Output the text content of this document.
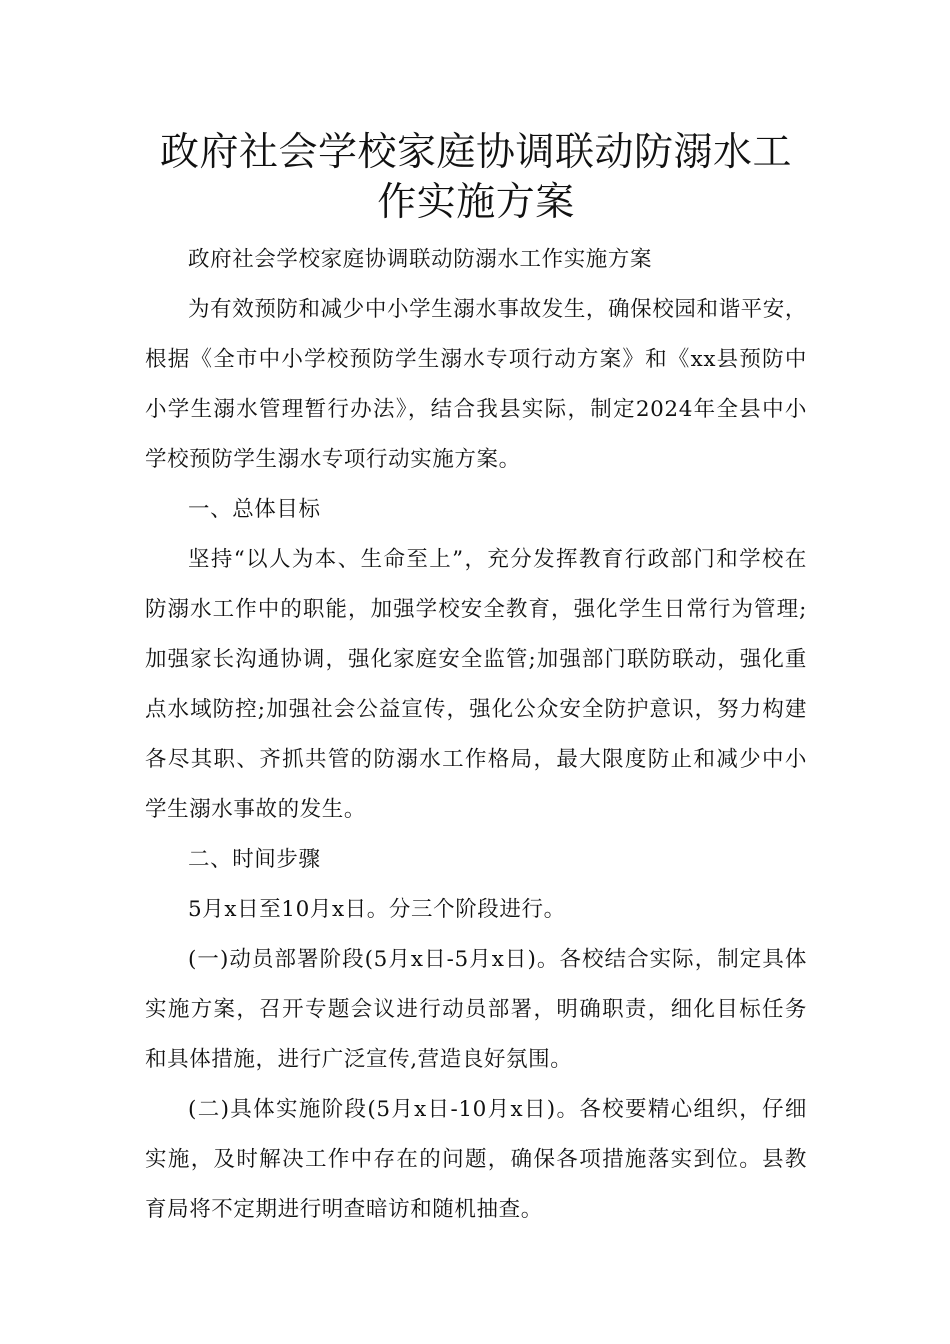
政府社会学校家庭协调联动防溺水工作实施方案

政府社会学校家庭协调联动防溺水工作实施方案

为有效预防和减少中小学生溺水事故发生，确保校园和谐平安，根据《全市中小学校预防学生溺水专项行动方案》和《xx县预防中小学生溺水管理暂行办法》，结合我县实际，制定2024年全县中小学校预防学生溺水专项行动实施方案。

一、总体目标

坚持“以人为本、生命至上”，充分发挥教育行政部门和学校在防溺水工作中的职能，加强学校安全教育，强化学生日常行为管理;加强家长沟通协调，强化家庭安全监管;加强部门联防联动，强化重点水域防控;加强社会公益宣传，强化公众安全防护意识，努力构建各尽其职、齐抓共管的防溺水工作格局，最大限度防止和减少中小学生溺水事故的发生。

二、时间步骤

5月x日至10月x日。分三个阶段进行。

(一)动员部署阶段(5月x日-5月x日)。各校结合实际，制定具体实施方案，召开专题会议进行动员部署，明确职责，细化目标任务和具体措施，进行广泛宣传,营造良好氛围。

(二)具体实施阶段(5月x日-10月x日)。各校要精心组织，仔细实施，及时解决工作中存在的问题，确保各项措施落实到位。县教育局将不定期进行明查暗访和随机抽查。
